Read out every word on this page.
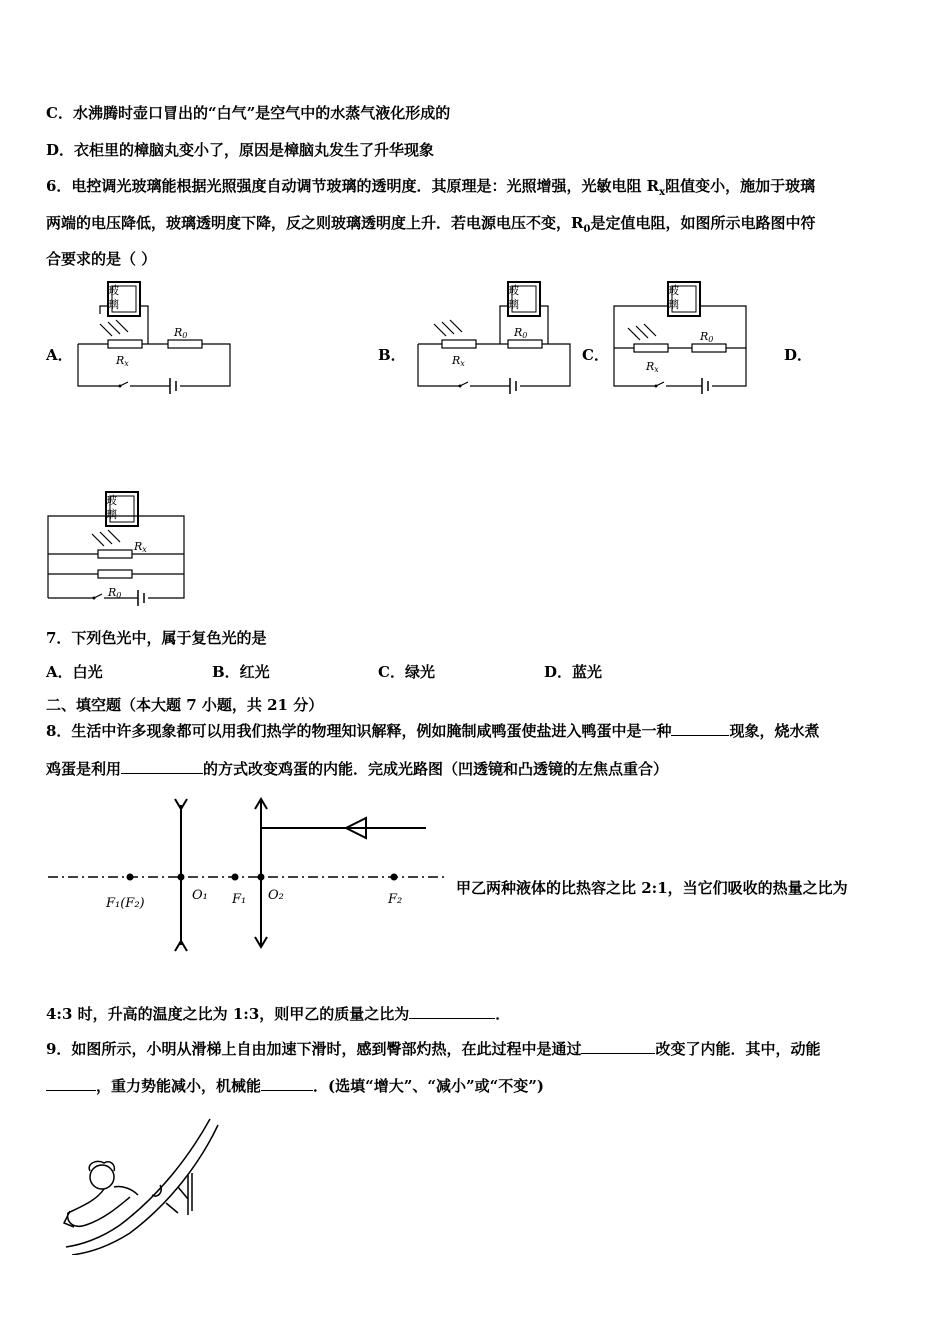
C．水沸腾时壶口冒出的“白气”是空气中的水蒸气液化形成的
D．衣柜里的樟脑丸变小了，原因是樟脑丸发生了升华现象
6．电控调光玻璃能根据光照强度自动调节玻璃的透明度．其原理是：光照增强，光敏电阻 $R_x$阻值变小，施加于玻璃
两端的电压降低，玻璃透明度下降，反之则玻璃透明度上升．若电源电压不变，$R_0$是定值电阻，如图所示电路图中符
合要求的是（ ）
A．	B．	C．	D．
玻
璃
R0
Rx
玻
璃
R0
Rx
玻
璃
R0
Rx
玻
璃
Rx
R0
7．下列色光中，属于复色光的是
A．白光	B．红光	C．绿光	D．蓝光
二、填空题（本大题 7 小题，共 21 分）
8．生活中许多现象都可以用我们热学的物理知识解释，例如腌制咸鸭蛋使盐进入鸭蛋中是一种	现象，烧水煮
鸡蛋是利用	的方式改变鸡蛋的内能．完成光路图（凹透镜和凸透镜的左焦点重合）
F₁(F₂)
O₁ F₁ O₂	F₂
甲乙两种液体的比热容之比 2:1，当它们吸收的热量之比为
4:3 时，升高的温度之比为 1:3，则甲乙的质量之比为	．
9．如图所示，小明从滑梯上自由加速下滑时，感到臀部灼热，在此过程中是通过	改变了内能．其中，动能
，重力势能减小，机械能	．(选填“增大”、“减小”或“不变”)
